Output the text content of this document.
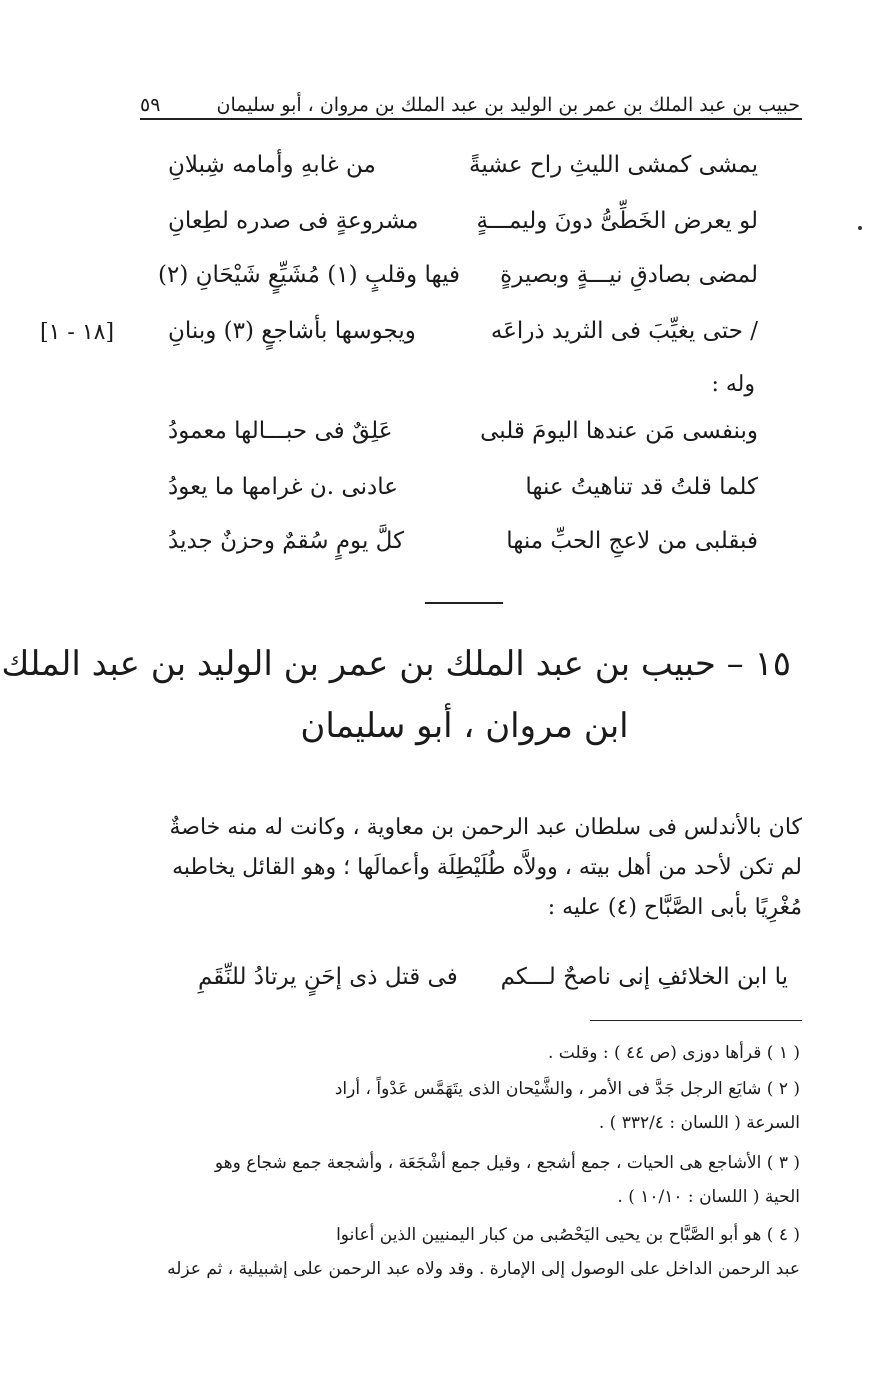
٥٩	حبيب بن عبد الملك بن عمر بن الوليد بن عبد الملك بن مروان ، أبو سليمان
يمشى كمشى الليثِ راح عشيةً
من غابهِ وأمامه شِبلانِ
لو يعرض الخَطِّىُّ دونَ وليمـــةٍ
مشروعةٍ فى صدره لطِعانِ
لمضى بصادقِ نيـــةٍ وبصيرةٍ
فيها وقلبٍ (١) مُشَيِّعٍ شَيْحَانِ (٢)
/ حتى يغيِّبَ فى الثريد ذراعَه
ويجوسها بأشاجعٍ (٣) وبنانِ
[١٨ - ١]
وله :
وبنفسى مَن عندها اليومَ قلبى
عَلِقٌ فى حبـــالها معمودُ
كلما قلتُ قد تناهيتُ عنها
عادنى .ن غرامها ما يعودُ
فبقلبى من لاعجِ الحبِّ منها
كلَّ يومٍ سُقمٌ وحزنٌ جديدُ
١٥ – حبيب بن عبد الملك بن عمر بن الوليد بن عبد الملك
ابن مروان ، أبو سليمان
كان بالأندلس فى سلطان عبد الرحمن بن معاوية ، وكانت له منه خاصةٌ
لم تكن لأحد من أهل بيته ، وولاَّه طُلَيْطِلَة وأعمالَها ؛ وهو القائل يخاطبه
مُغْرِيًا بأبى الصَّبَّاح (٤) عليه :
يا ابن الخلائفِ إنى ناصحٌ لـــكم
فى قتل ذى إحَنٍ يرتادُ للنِّقَمِ
( ١ ) قرأها دوزى (ص ٤٤ ) : وقلت .
( ٢ ) شايَع الرجل جَدَّ فى الأمر ، والشَّيْحان الذى يتَهَمَّس عَدْواً ، أراد
السرعة ( اللسان : ٣٣٢/٤ ) .
( ٣ ) الأشاجع هى الحيات ، جمع أشجع ، وقيل جمع أشْجَعَة ، وأشجعة جمع شجاع وهو
الحية ( اللسان : ١٠/١٠ ) .
( ٤ ) هو أبو الصَّبَّاح بن يحيى اليَحْصُبى من كبار اليمنيين الذين أعانوا
عبد الرحمن الداخل على الوصول إلى الإمارة . وقد ولاه عبد الرحمن على إشبيلية ، ثم عزله
